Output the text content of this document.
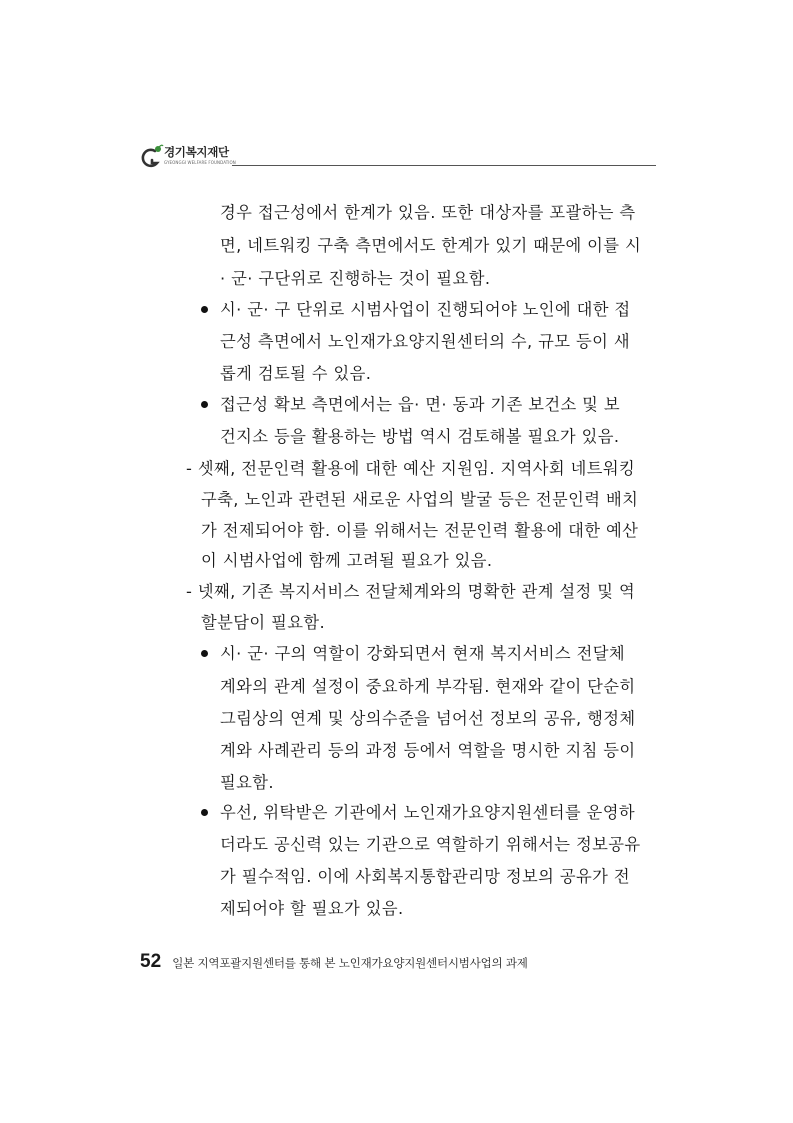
경기복지재단
GYEONGGI WELFARE FOUNDATION
경우 접근성에서 한계가 있음. 또한 대상자를 포괄하는 측
면, 네트워킹 구축 측면에서도 한계가 있기 때문에 이를 시
· 군· 구단위로 진행하는 것이 필요함.
시· 군· 구 단위로 시범사업이 진행되어야 노인에 대한 접
근성 측면에서 노인재가요양지원센터의 수, 규모 등이 새
롭게 검토될 수 있음.
접근성 확보 측면에서는 읍· 면· 동과 기존 보건소 및 보
건지소 등을 활용하는 방법 역시 검토해볼 필요가 있음.
- 셋째, 전문인력 활용에 대한 예산 지원임. 지역사회 네트워킹
구축, 노인과 관련된 새로운 사업의 발굴 등은 전문인력 배치
가 전제되어야 함. 이를 위해서는 전문인력 활용에 대한 예산
이 시범사업에 함께 고려될 필요가 있음.
- 넷째, 기존 복지서비스 전달체계와의 명확한 관계 설정 및 역
할분담이 필요함.
시· 군· 구의 역할이 강화되면서 현재 복지서비스 전달체
계와의 관계 설정이 중요하게 부각됨. 현재와 같이 단순히
그림상의 연계 및 상의수준을 넘어선 정보의 공유, 행정체
계와 사례관리 등의 과정 등에서 역할을 명시한 지침 등이
필요함.
우선, 위탁받은 기관에서 노인재가요양지원센터를 운영하
더라도 공신력 있는 기관으로 역할하기 위해서는 정보공유
가 필수적임. 이에 사회복지통합관리망 정보의 공유가 전
제되어야 할 필요가 있음.
52 일본 지역포괄지원센터를 통해 본 노인재가요양지원센터시범사업의 과제
